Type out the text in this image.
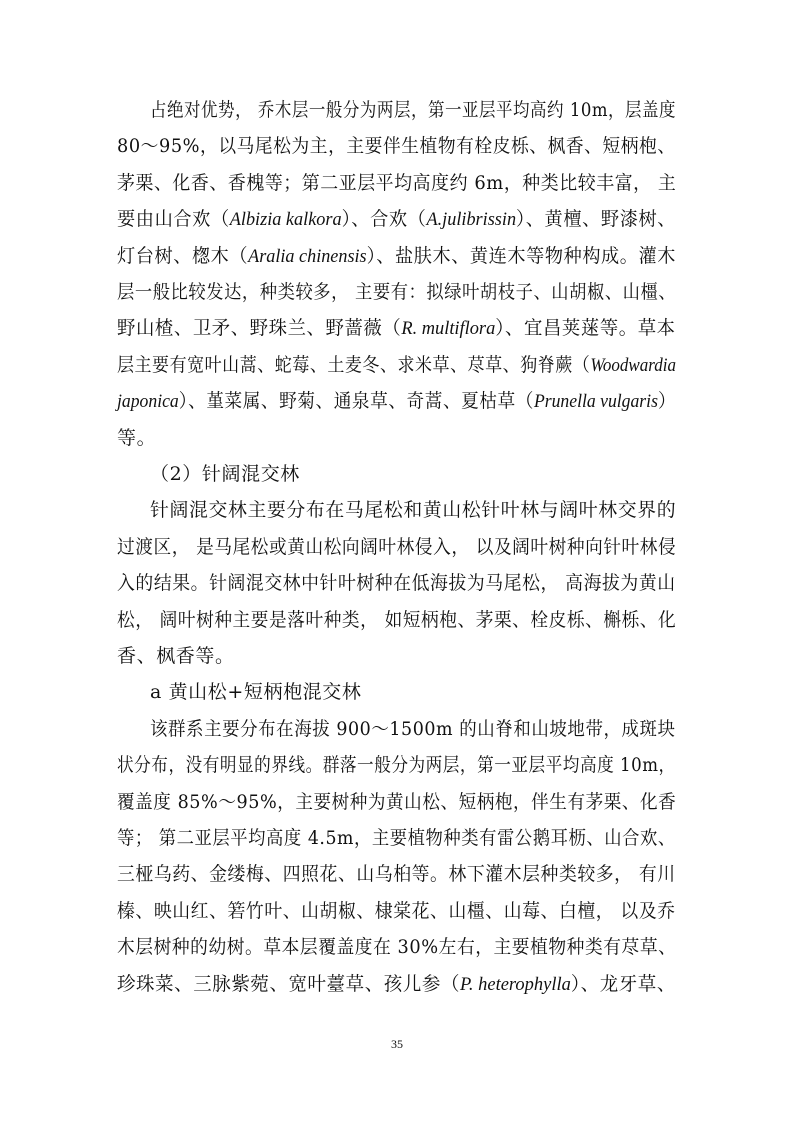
占绝对优势， 乔木层一般分为两层，第一亚层平均高约 10m，层盖度
80～95%，以马尾松为主，主要伴生植物有栓皮栎、枫香、短柄枹、
茅栗、化香、香槐等；第二亚层平均高度约 6m，种类比较丰富， 主
要由山合欢（Albizia kalkora）、合欢（A.julibrissin）、黄檀、野漆树、
灯台树、楤木（Aralia chinensis）、盐肤木、黄连木等物种构成。灌木
层一般比较发达，种类较多， 主要有：拟绿叶胡枝子、山胡椒、山橿、
野山楂、卫矛、野珠兰、野蔷薇（R. multiflora）、宜昌荚蒾等。草本
层主要有宽叶山蒿、蛇莓、土麦冬、求米草、荩草、狗脊蕨（Woodwardia
japonica）、堇菜属、野菊、通泉草、奇蒿、夏枯草（Prunella vulgaris）
等。
（2）针阔混交林
针阔混交林主要分布在马尾松和黄山松针叶林与阔叶林交界的
过渡区， 是马尾松或黄山松向阔叶林侵入， 以及阔叶树种向针叶林侵
入的结果。针阔混交林中针叶树种在低海拔为马尾松， 高海拔为黄山
松， 阔叶树种主要是落叶种类， 如短柄枹、茅栗、栓皮栎、槲栎、化
香、枫香等。
a 黄山松+短柄枹混交林
该群系主要分布在海拔 900～1500m 的山脊和山坡地带，成斑块
状分布，没有明显的界线。群落一般分为两层，第一亚层平均高度 10m，
覆盖度 85%～95%，主要树种为黄山松、短柄枹，伴生有茅栗、化香
等； 第二亚层平均高度 4.5m，主要植物种类有雷公鹅耳枥、山合欢、
三桠乌药、金缕梅、四照花、山乌桕等。林下灌木层种类较多， 有川
榛、映山红、箬竹叶、山胡椒、棣棠花、山橿、山莓、白檀， 以及乔
木层树种的幼树。草本层覆盖度在 30%左右，主要植物种类有荩草、
珍珠菜、三脉紫菀、宽叶薹草、孩儿参（P. heterophylla）、龙牙草、
35
